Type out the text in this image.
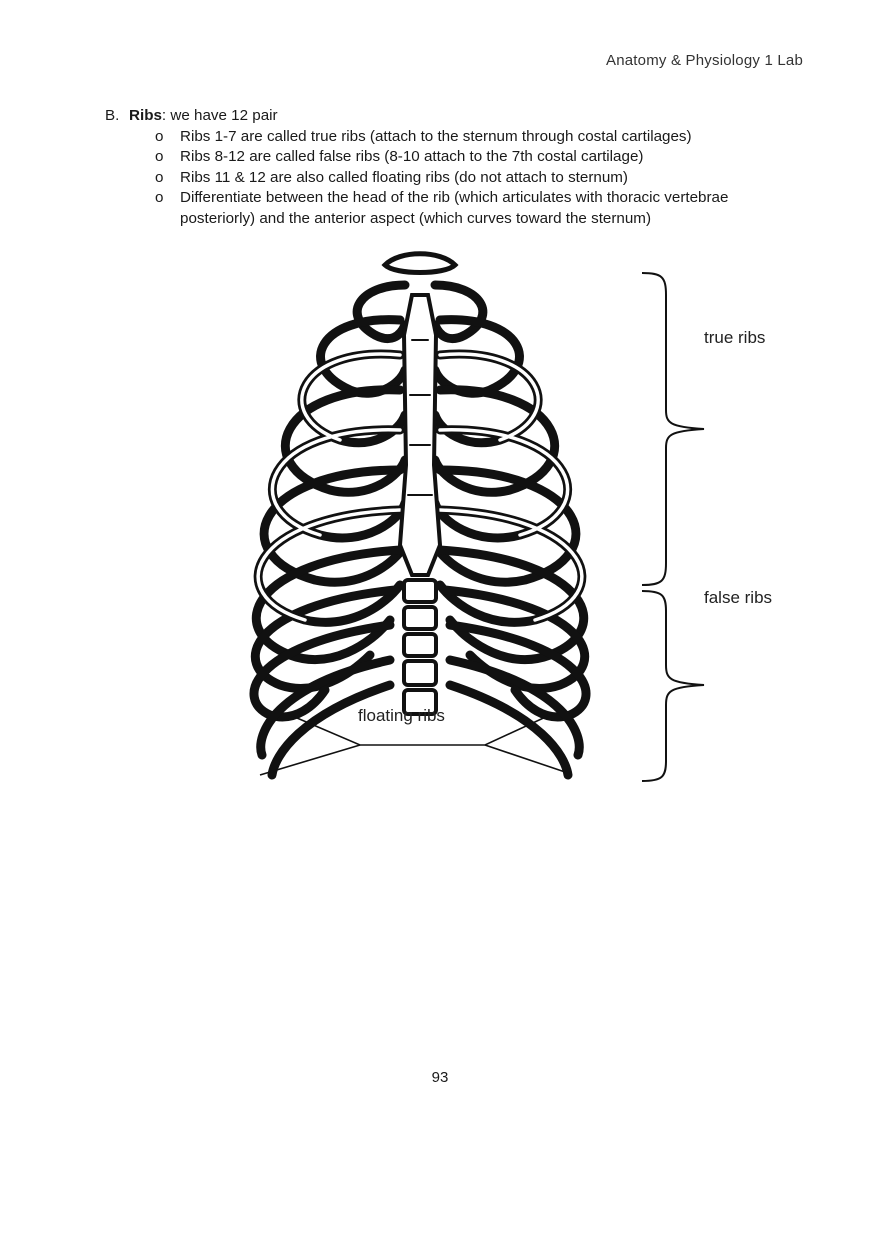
Anatomy & Physiology 1 Lab
B. Ribs: we have 12 pair
o	Ribs 1-7 are called true ribs (attach to the sternum through costal cartilages)
o	Ribs 8-12 are called false ribs (8-10 attach to the 7th costal cartilage)
o	Ribs 11 & 12 are also called floating ribs (do not attach to sternum)
o	Differentiate between the head of the rib (which articulates with thoracic vertebrae posteriorly) and the anterior aspect (which curves toward the sternum)
true ribs
false ribs
floating ribs
93
